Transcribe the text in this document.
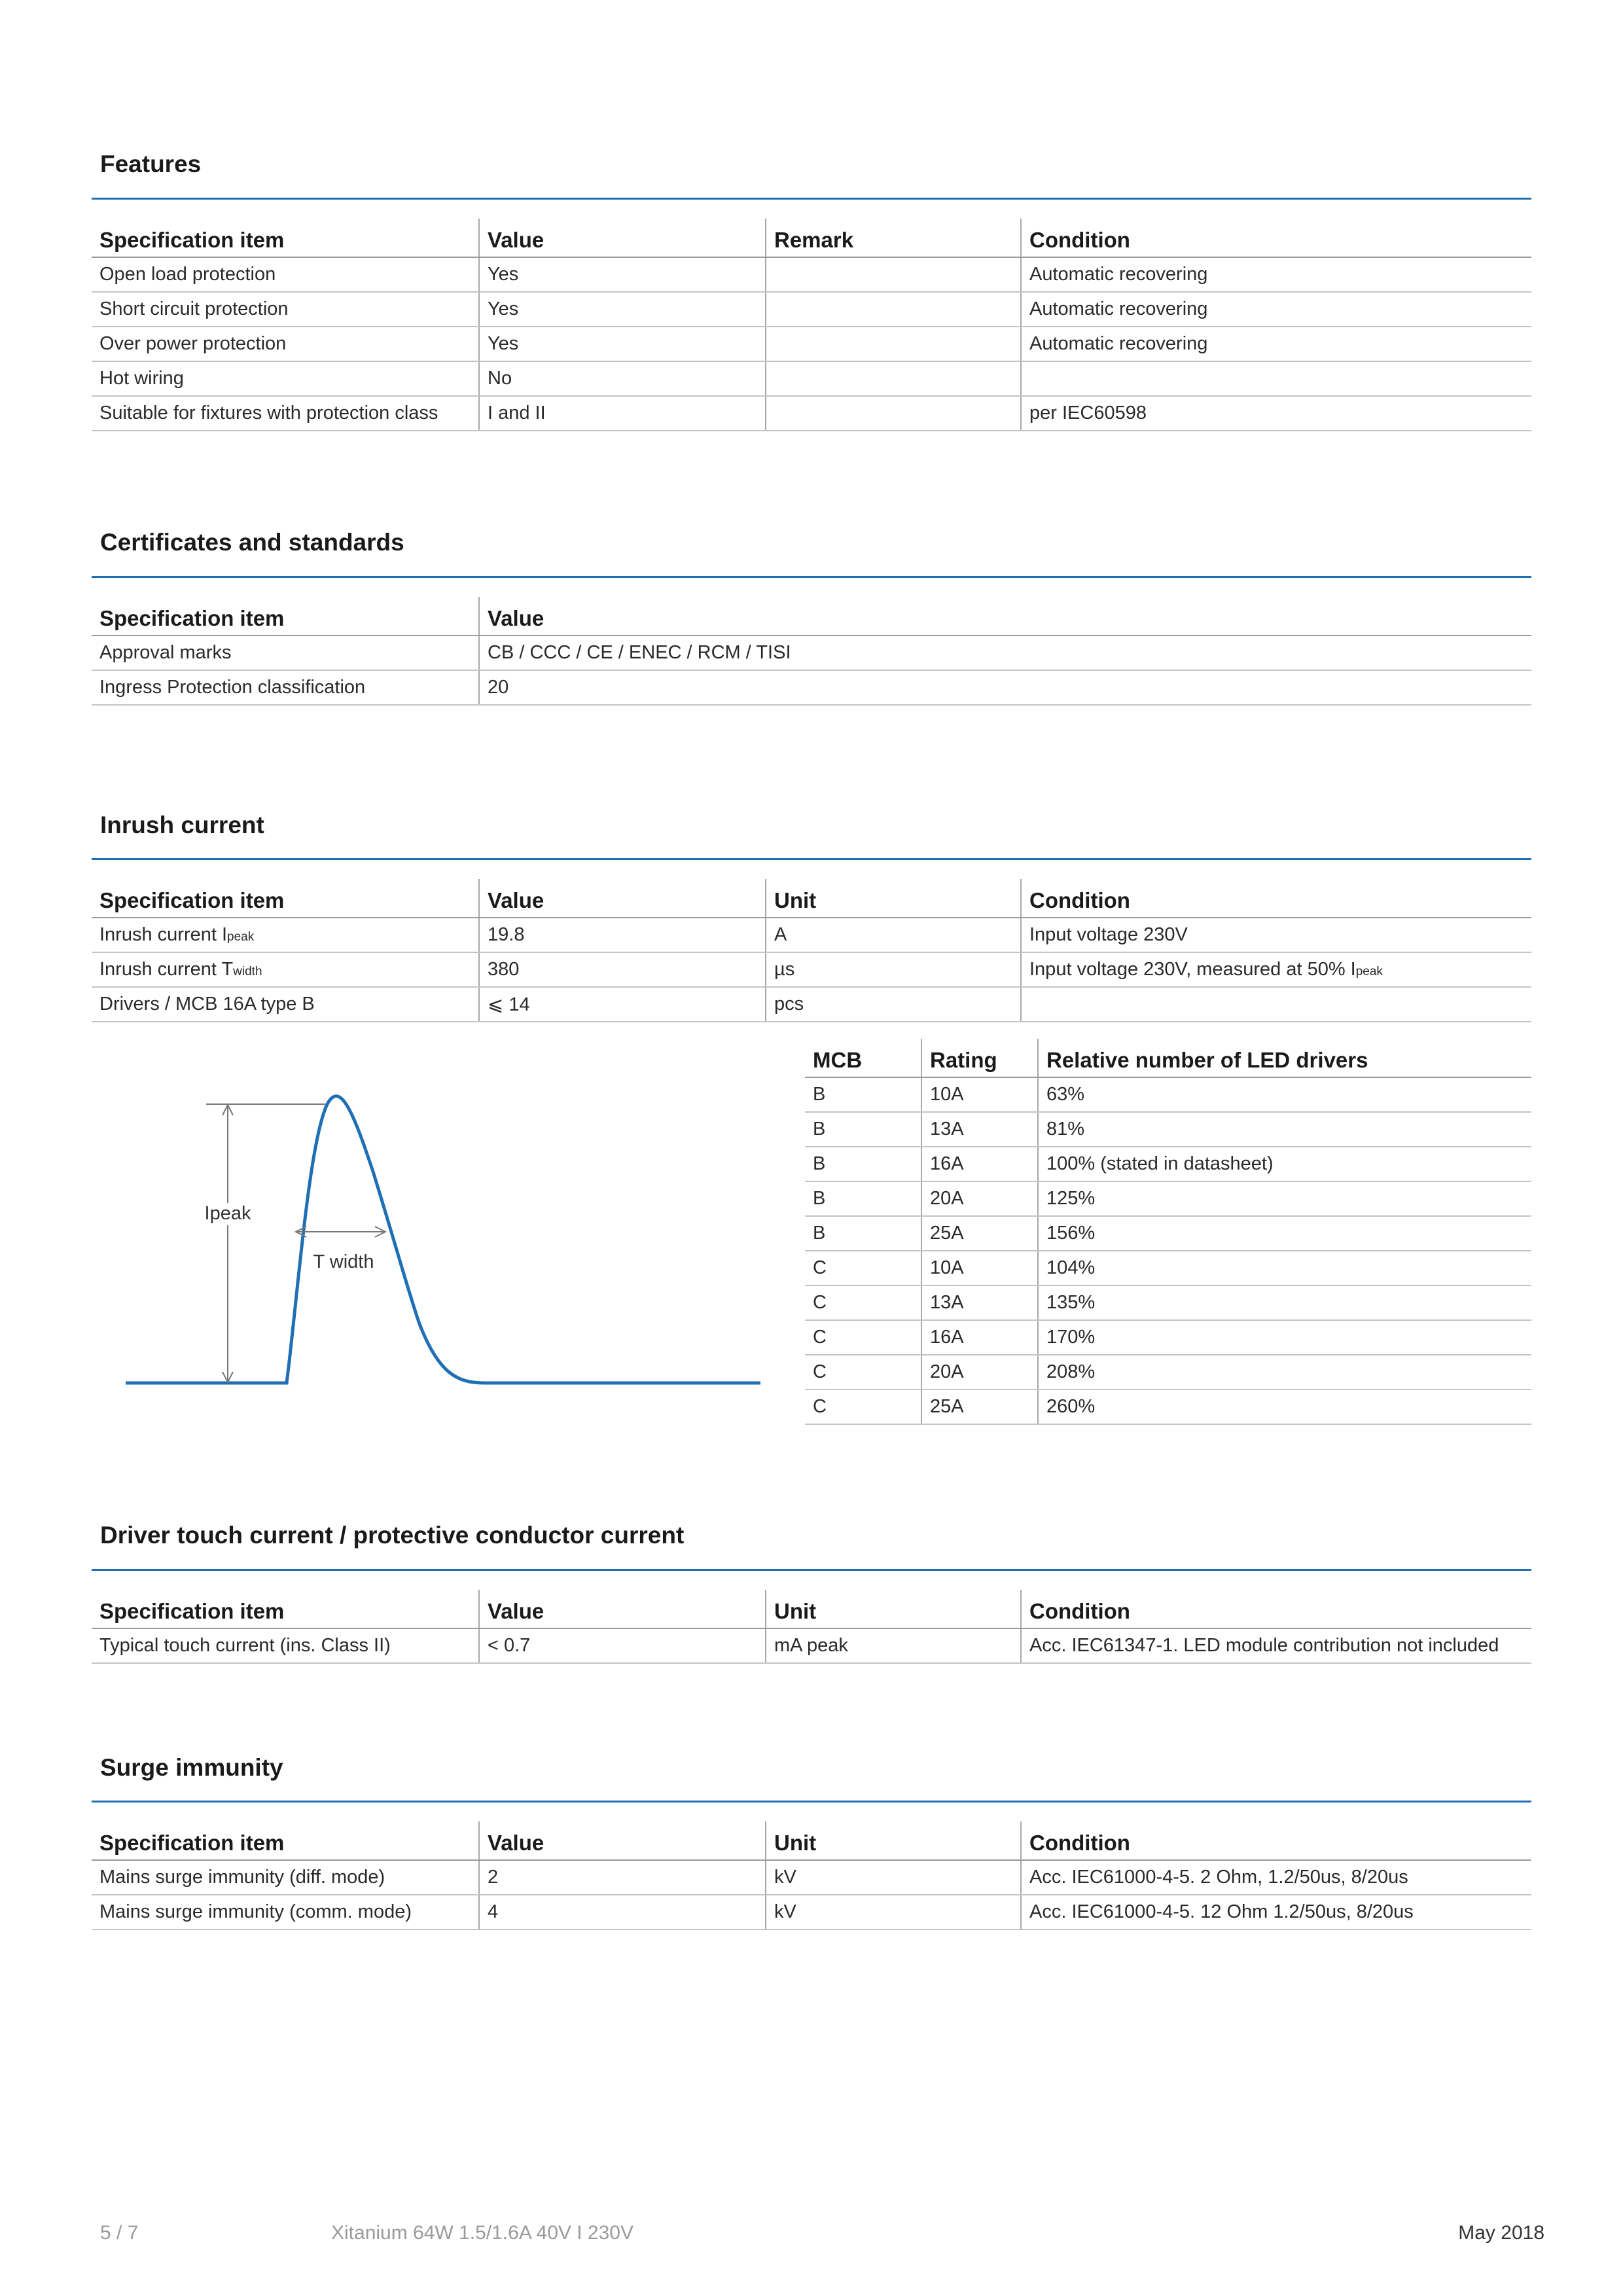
Features
Specification item	Value	Remark	Condition
Open load protection	Yes		Automatic recovering
Short circuit protection	Yes		Automatic recovering
Over power protection	Yes		Automatic recovering
Hot wiring	No		
Suitable for fixtures with protection class	I and II		per IEC60598
Certificates and standards
Specification item	Value
Approval marks	CB / CCC / CE / ENEC / RCM / TISI
Ingress Protection classification	20
Inrush current
Specification item	Value	Unit	Condition
Inrush current Ipeak	19.8	A	Input voltage 230V
Inrush current Twidth	380	µs	Input voltage 230V, measured at 50% Ipeak
Drivers / MCB 16A type B	⩽ 14	pcs	
Ipeak
T width
MCB	Rating	Relative number of LED drivers
B	10A	63%
B	13A	81%
B	16A	100% (stated in datasheet)
B	20A	125%
B	25A	156%
C	10A	104%
C	13A	135%
C	16A	170%
C	20A	208%
C	25A	260%
Driver touch current / protective conductor current
Specification item	Value	Unit	Condition
Typical touch current (ins. Class II)	< 0.7	mA peak	Acc. IEC61347-1. LED module contribution not included
Surge immunity
Specification item	Value	Unit	Condition
Mains surge immunity (diff. mode)	2	kV	Acc. IEC61000-4-5. 2 Ohm, 1.2/50us, 8/20us
Mains surge immunity (comm. mode)	4	kV	Acc. IEC61000-4-5. 12 Ohm 1.2/50us, 8/20us
5 / 7	Xitanium 64W 1.5/1.6A 40V I 230V	May 2018
